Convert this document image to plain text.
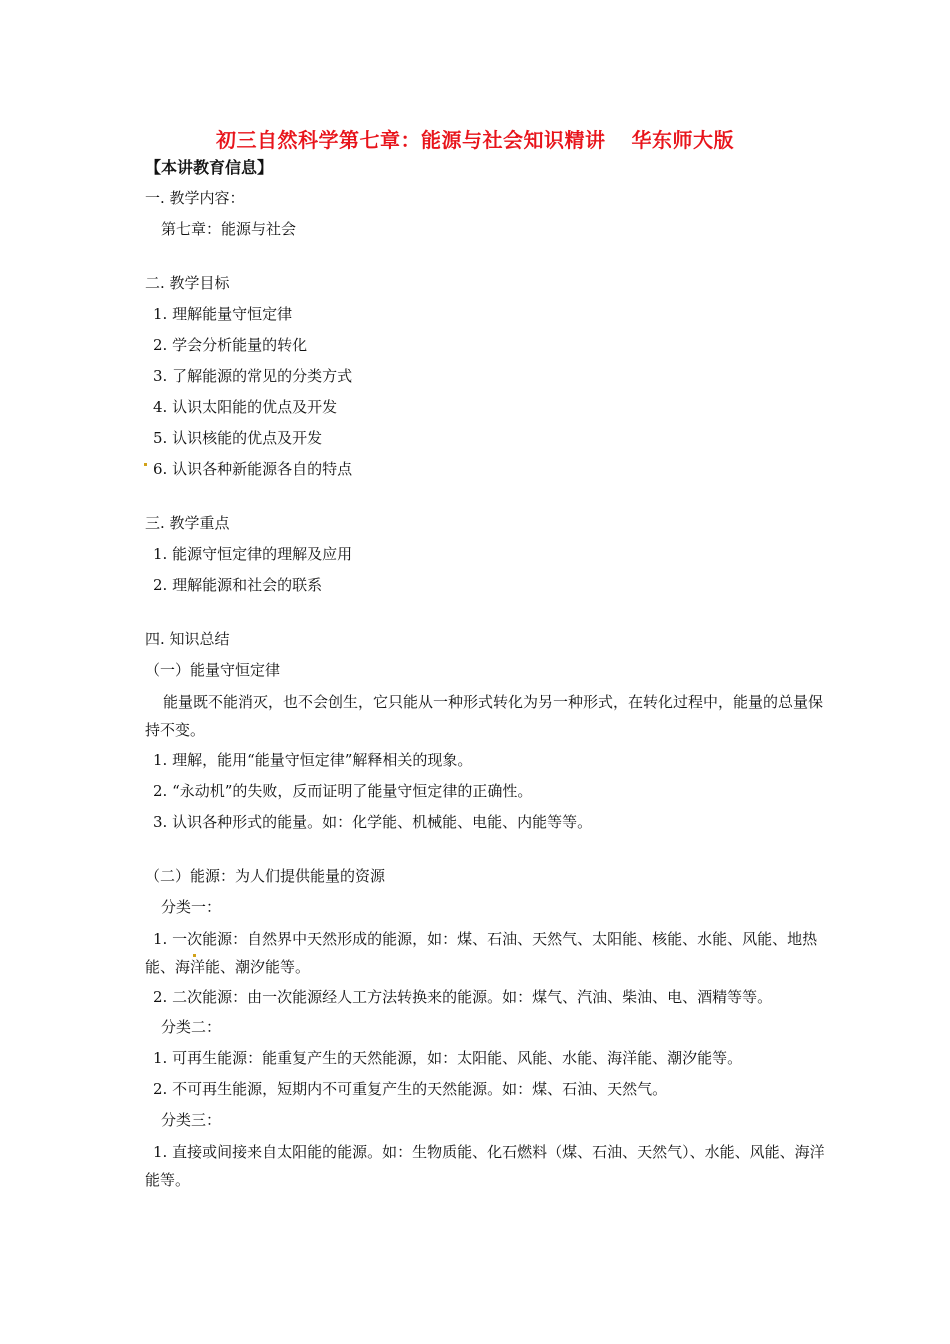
初三自然科学第七章：能源与社会知识精讲 华东师大版
【本讲教育信息】
一. 教学内容：
第七章：能源与社会
二. 教学目标
1. 理解能量守恒定律
2. 学会分析能量的转化
3. 了解能源的常见的分类方式
4. 认识太阳能的优点及开发
5. 认识核能的优点及开发
6. 认识各种新能源各自的特点
三. 教学重点
1. 能源守恒定律的理解及应用
2. 理解能源和社会的联系
四. 知识总结
（一）能量守恒定律
能量既不能消灭，也不会创生，它只能从一种形式转化为另一种形式，在转化过程中，能量的总量保持不变。
1. 理解，能用“能量守恒定律”解释相关的现象。
2. “永动机”的失败，反而证明了能量守恒定律的正确性。
3. 认识各种形式的能量。如：化学能、机械能、电能、内能等等。
（二）能源：为人们提供能量的资源
分类一：
1. 一次能源：自然界中天然形成的能源，如：煤、石油、天然气、太阳能、核能、水能、风能、地热能、海洋能、潮汐能等。
2. 二次能源：由一次能源经人工方法转换来的能源。如：煤气、汽油、柴油、电、酒精等等。
分类二：
1. 可再生能源：能重复产生的天然能源，如：太阳能、风能、水能、海洋能、潮汐能等。
2. 不可再生能源，短期内不可重复产生的天然能源。如：煤、石油、天然气。
分类三：
1. 直接或间接来自太阳能的能源。如：生物质能、化石燃料（煤、石油、天然气）、水能、风能、海洋能等。
